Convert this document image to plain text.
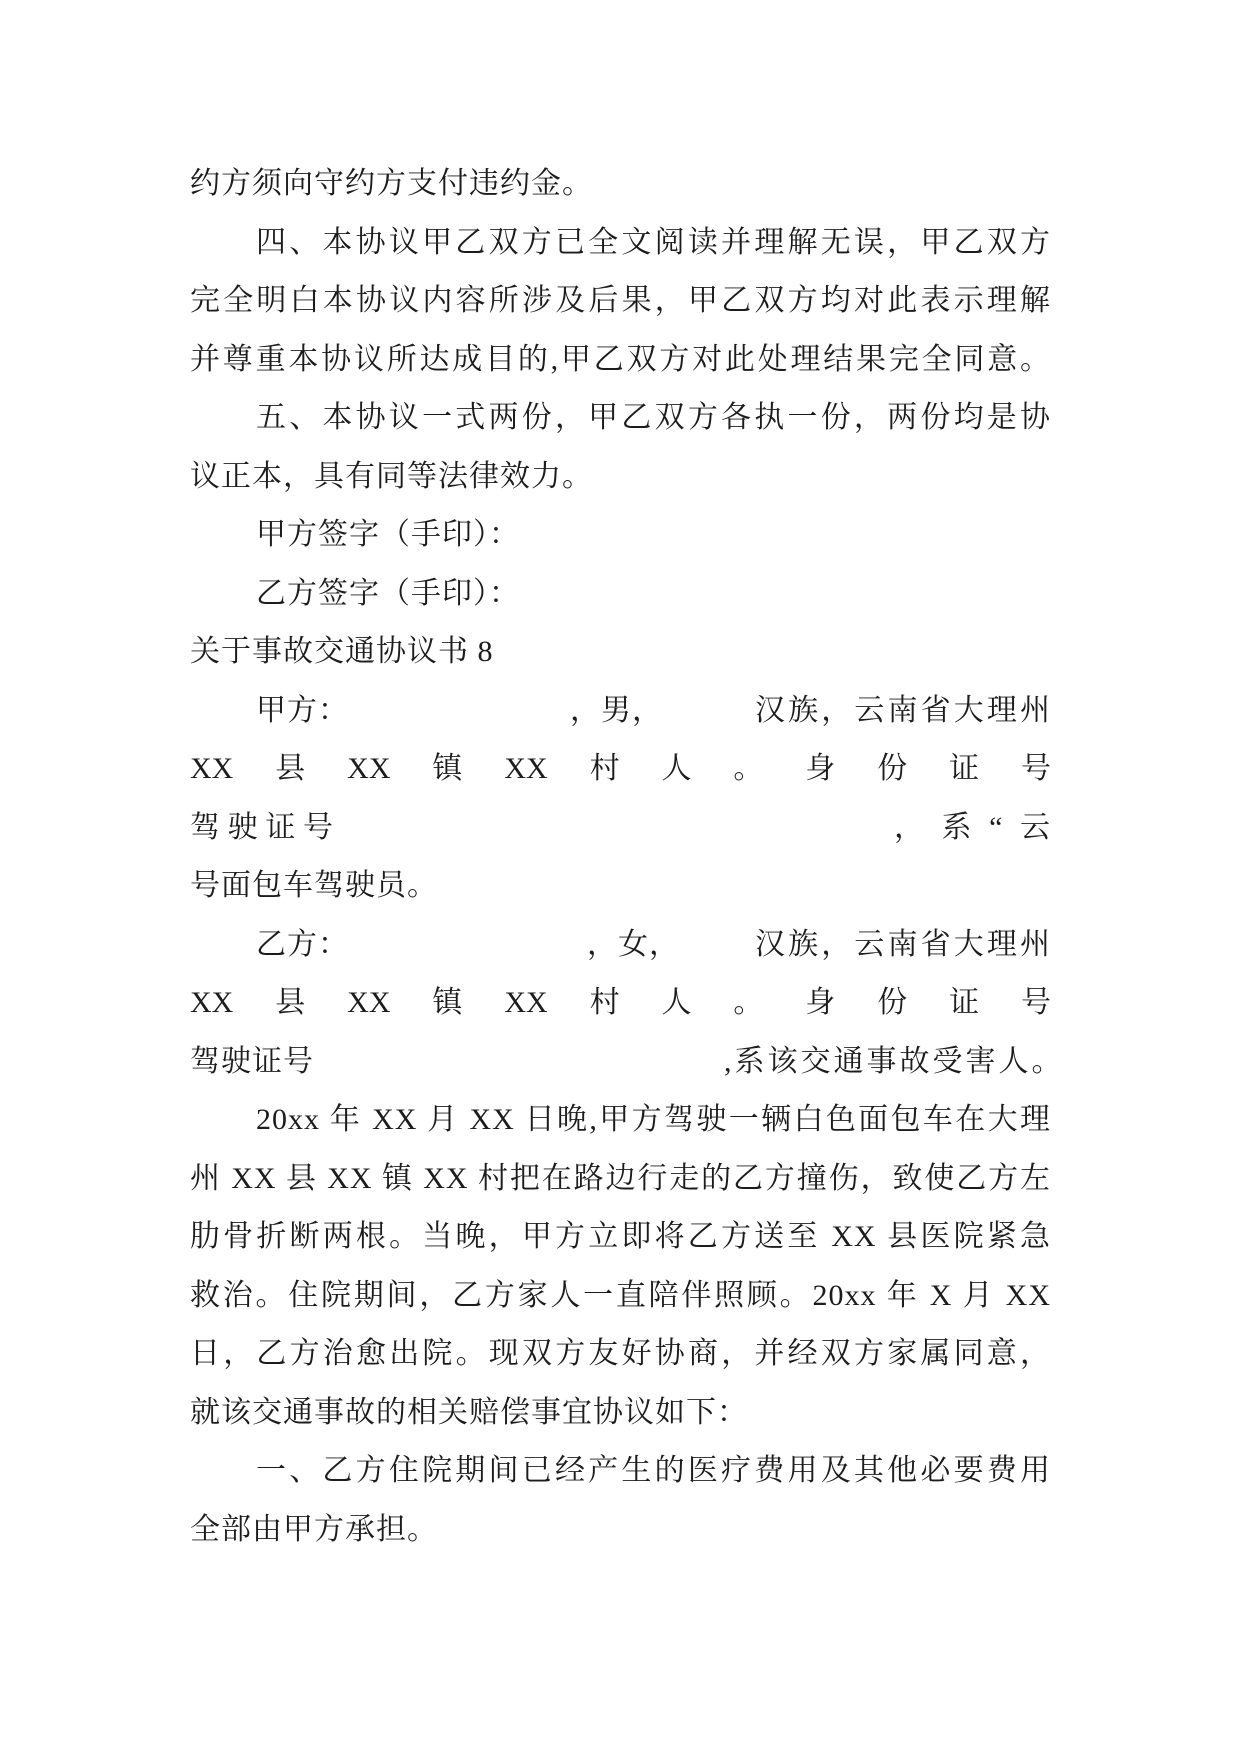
约方须向守约方支付违约金。
四、本协议甲乙双方已全文阅读并理解无误，甲乙双方
完全明白本协议内容所涉及后果，甲乙双方均对此表示理解
并尊重本协议所达成目的,甲乙双方对此处理结果完全同意。
五、本协议一式两份，甲乙双方各执一份，两份均是协
议正本，具有同等法律效力。
甲方签字（手印）：
乙方签字（手印）：
关于事故交通协议书 8
甲方：	，男，	汉族，云南省大理州
XX 县 XX 镇 XX 村 人 。 身 份 证 号
驾驶证号	，系“云
号面包车驾驶员。
乙方：	，女，	汉族，云南省大理州
XX 县 XX 镇 XX 村 人 。 身 份 证 号
驾驶证号	,系该交通事故受害人。
20xx 年 XX 月 XX 日晚,甲方驾驶一辆白色面包车在大理
州 XX 县 XX 镇 XX 村把在路边行走的乙方撞伤，致使乙方左
肋骨折断两根。当晚，甲方立即将乙方送至 XX 县医院紧急
救治。住院期间，乙方家人一直陪伴照顾。20xx 年 X 月 XX
日，乙方治愈出院。现双方友好协商，并经双方家属同意，
就该交通事故的相关赔偿事宜协议如下：
一、乙方住院期间已经产生的医疗费用及其他必要费用
全部由甲方承担。
